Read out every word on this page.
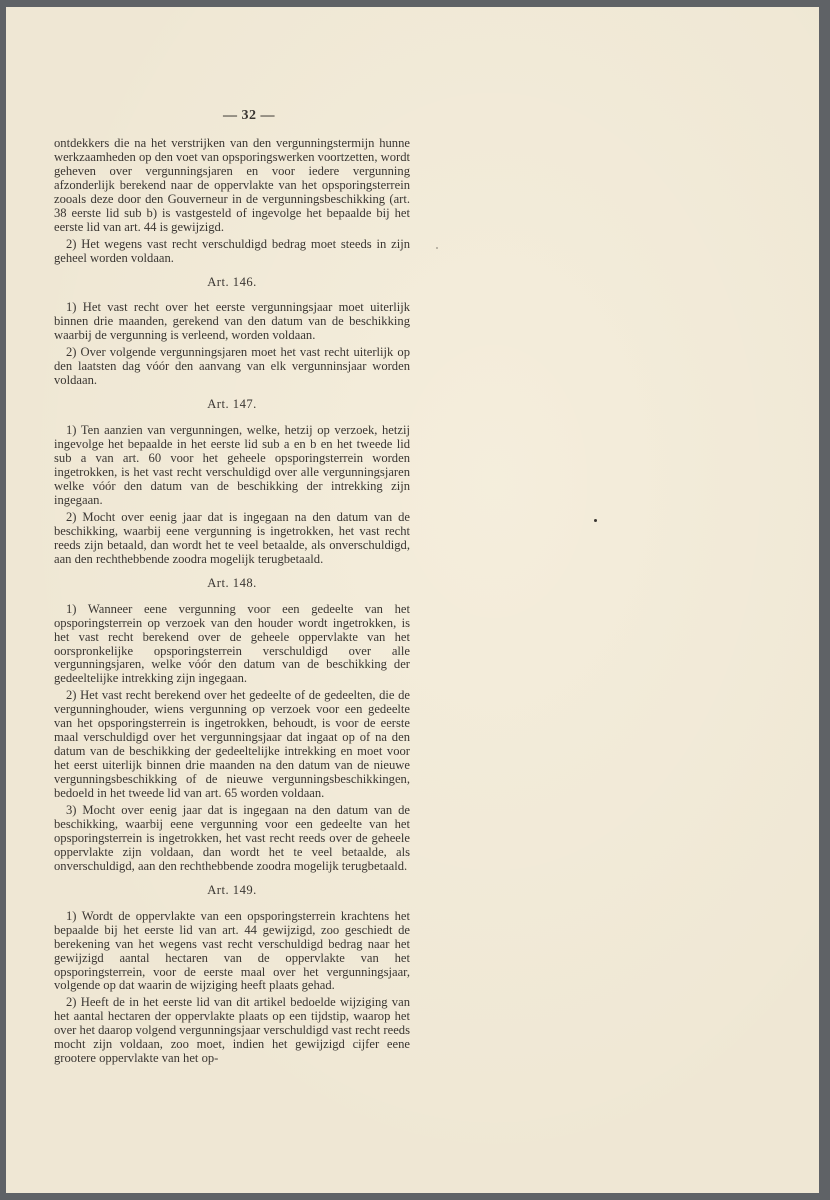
— 32 —

ontdekkers die na het verstrijken van den vergunningstermijn hunne werkzaamheden op den voet van opsporingswerken voortzetten, wordt geheven over vergunningsjaren en voor iedere vergunning afzonderlijk berekend naar de oppervlakte van het opsporingsterrein zooals deze door den Gouverneur in de vergunningsbeschikking (art. 38 eerste lid sub b) is vastgesteld of ingevolge het bepaalde bij het eerste lid van art. 44 is gewijzigd.

2) Het wegens vast recht verschuldigd bedrag moet steeds in zijn geheel worden voldaan.

Art. 146.

1) Het vast recht over het eerste vergunningsjaar moet uiterlijk binnen drie maanden, gerekend van den datum van de beschikking waarbij de vergunning is verleend, worden voldaan.

2) Over volgende vergunningsjaren moet het vast recht uiterlijk op den laatsten dag vóór den aanvang van elk vergunninsjaar worden voldaan.

Art. 147.

1) Ten aanzien van vergunningen, welke, hetzij op verzoek, hetzij ingevolge het bepaalde in het eerste lid sub a en b en het tweede lid sub a van art. 60 voor het geheele opsporingsterrein worden ingetrokken, is het vast recht verschuldigd over alle vergunningsjaren welke vóór den datum van de beschikking der intrekking zijn ingegaan.

2) Mocht over eenig jaar dat is ingegaan na den datum van de beschikking, waarbij eene vergunning is ingetrokken, het vast recht reeds zijn betaald, dan wordt het te veel betaalde, als onverschuldigd, aan den rechthebbende zoodra mogelijk terugbetaald.

Art. 148.

1) Wanneer eene vergunning voor een gedeelte van het opsporingsterrein op verzoek van den houder wordt ingetrokken, is het vast recht berekend over de geheele oppervlakte van het oorspronkelijke opsporingsterrein verschuldigd over alle vergunningsjaren, welke vóór den datum van de beschikking der gedeeltelijke intrekking zijn ingegaan.

2) Het vast recht berekend over het gedeelte of de gedeelten, die de vergunninghouder, wiens vergunning op verzoek voor een gedeelte van het opsporingsterrein is ingetrokken, behoudt, is voor de eerste maal verschuldigd over het vergunningsjaar dat ingaat op of na den datum van de beschikking der gedeeltelijke intrekking en moet voor het eerst uiterlijk binnen drie maanden na den datum van de nieuwe vergunningsbeschikking of de nieuwe vergunningsbeschikkingen, bedoeld in het tweede lid van art. 65 worden voldaan.

3) Mocht over eenig jaar dat is ingegaan na den datum van de beschikking, waarbij eene vergunning voor een gedeelte van het opsporingsterrein is ingetrokken, het vast recht reeds over de geheele oppervlakte zijn voldaan, dan wordt het te veel betaalde, als onverschuldigd, aan den rechthebbende zoodra mogelijk terugbetaald.

Art. 149.

1) Wordt de oppervlakte van een opsporingsterrein krachtens het bepaalde bij het eerste lid van art. 44 gewijzigd, zoo geschiedt de berekening van het wegens vast recht verschuldigd bedrag naar het gewijzigd aantal hectaren van de oppervlakte van het opsporingsterrein, voor de eerste maal over het vergunningsjaar, volgende op dat waarin de wijziging heeft plaats gehad.

2) Heeft de in het eerste lid van dit artikel bedoelde wijziging van het aantal hectaren der oppervlakte plaats op een tijdstip, waarop het over het daarop volgend vergunningsjaar verschuldigd vast recht reeds mocht zijn voldaan, zoo moet, indien het gewijzigd cijfer eene grootere oppervlakte van het op-
